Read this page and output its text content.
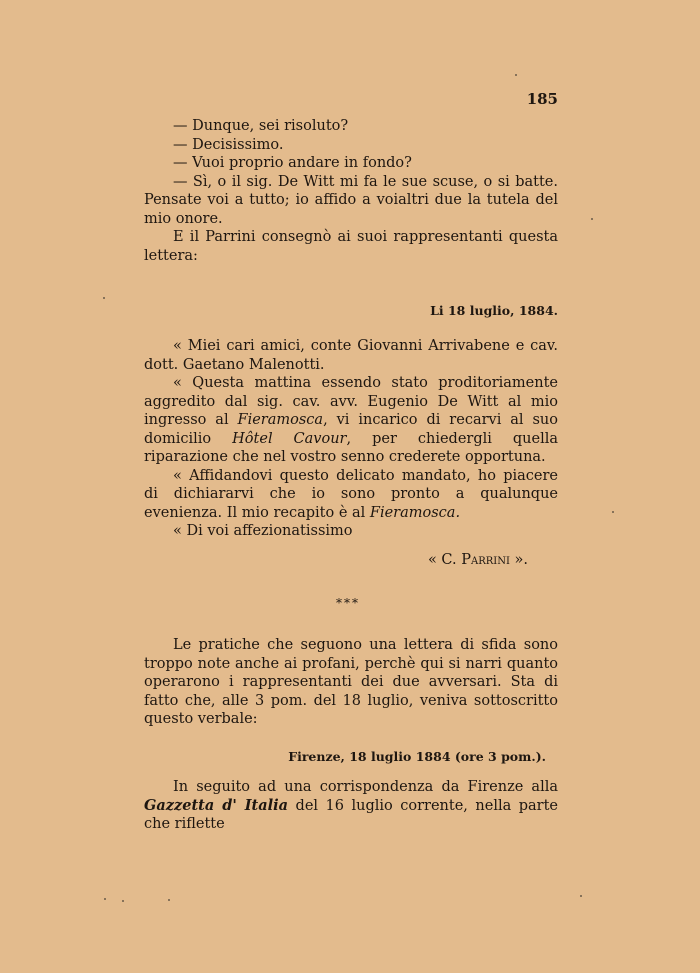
185

— Dunque, sei risoluto?

— Decisissimo.

— Vuoi proprio andare in fondo?

— Sì, o il sig. De Witt mi fa le sue scuse, o si batte. Pensate voi a tutto; io affido a voialtri due la tutela del mio onore.

E il Parrini consegnò ai suoi rappresentanti questa lettera:

Li 18 luglio, 1884.

« Miei cari amici, conte Giovanni Arrivabene e cav. dott. Gaetano Malenotti.

« Questa mattina essendo stato proditoriamente aggredito dal sig. cav. avv. Eugenio De Witt al mio ingresso al Fieramosca, vi incarico di recarvi al suo domicilio Hôtel Cavour, per chiedergli quella riparazione che nel vostro senno crederete opportuna.

« Affidandovi questo delicato mandato, ho piacere di dichiararvi che io sono pronto a qualunque evenienza. Il mio recapito è al Fieramosca.

« Di voi affezionatissimo

« C. Parrini ».
***

Le pratiche che seguono una lettera di sfida sono troppo note anche ai profani, perchè qui si narri quanto operarono i rappresentanti dei due avversari. Sta di fatto che, alle 3 pom. del 18 luglio, veniva sottoscritto questo verbale:

Firenze, 18 luglio 1884 (ore 3 pom.).

In seguito ad una corrispondenza da Firenze alla Gazzetta d' Italia del 16 luglio corrente, nella parte che riflette
